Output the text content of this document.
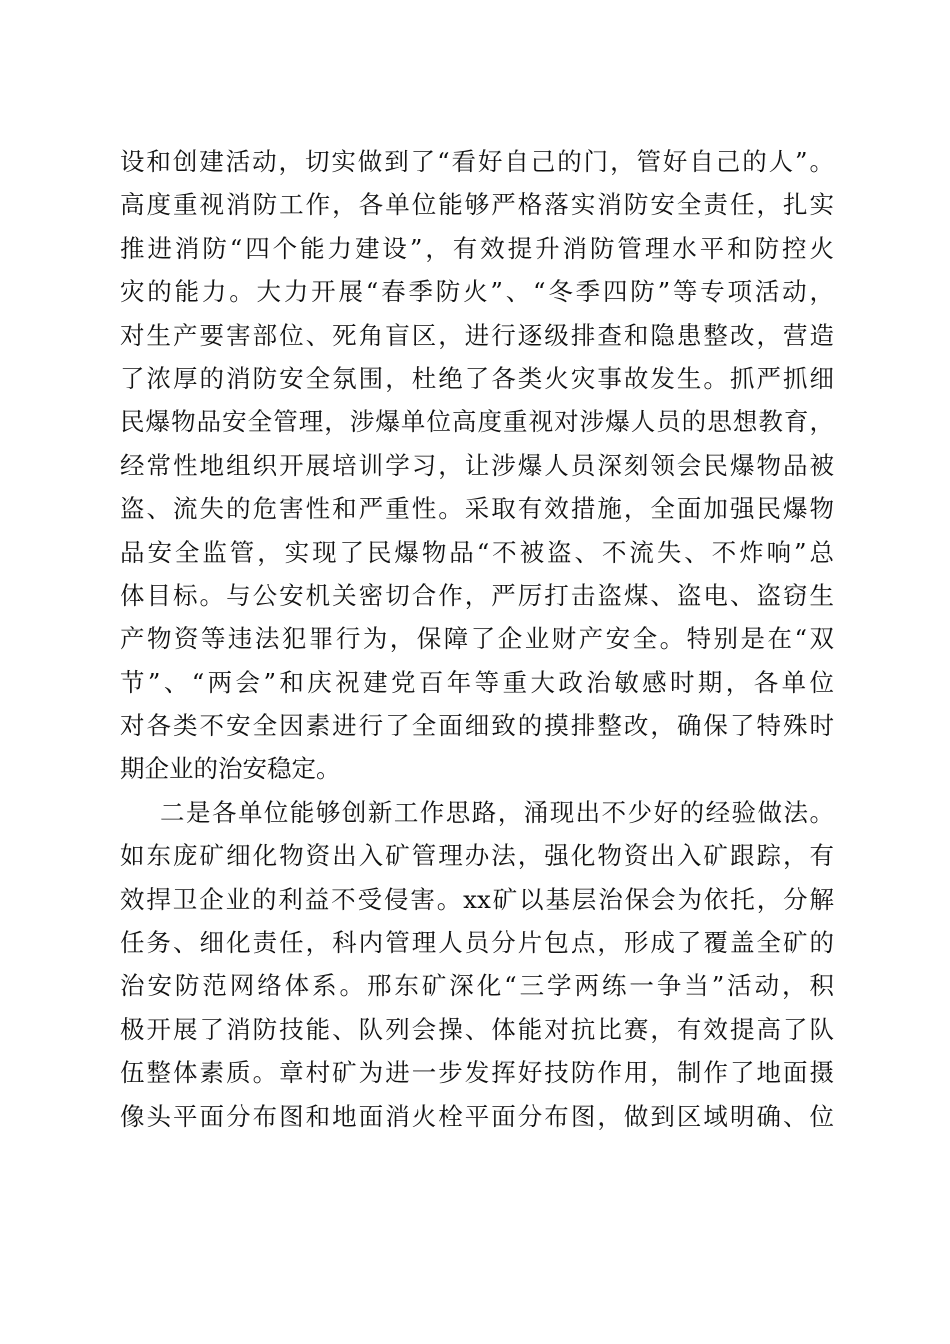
设和创建活动，切实做到了“看好自己的门，管好自己的人”。
高度重视消防工作，各单位能够严格落实消防安全责任，扎实
推进消防“四个能力建设”，有效提升消防管理水平和防控火
灾的能力。大力开展“春季防火”、“冬季四防”等专项活动，
对生产要害部位、死角盲区，进行逐级排查和隐患整改，营造
了浓厚的消防安全氛围，杜绝了各类火灾事故发生。抓严抓细
民爆物品安全管理，涉爆单位高度重视对涉爆人员的思想教育，
经常性地组织开展培训学习，让涉爆人员深刻领会民爆物品被
盗、流失的危害性和严重性。采取有效措施，全面加强民爆物
品安全监管，实现了民爆物品“不被盗、不流失、不炸响”总
体目标。与公安机关密切合作，严厉打击盗煤、盗电、盗窃生
产物资等违法犯罪行为，保障了企业财产安全。特别是在“双
节”、“两会”和庆祝建党百年等重大政治敏感时期，各单位
对各类不安全因素进行了全面细致的摸排整改，确保了特殊时
期企业的治安稳定。
二是各单位能够创新工作思路，涌现出不少好的经验做法。
如东庞矿细化物资出入矿管理办法，强化物资出入矿跟踪，有
效捍卫企业的利益不受侵害。xx矿以基层治保会为依托，分解
任务、细化责任，科内管理人员分片包点，形成了覆盖全矿的
治安防范网络体系。邢东矿深化“三学两练一争当”活动，积
极开展了消防技能、队列会操、体能对抗比赛，有效提高了队
伍整体素质。章村矿为进一步发挥好技防作用，制作了地面摄
像头平面分布图和地面消火栓平面分布图，做到区域明确、位
